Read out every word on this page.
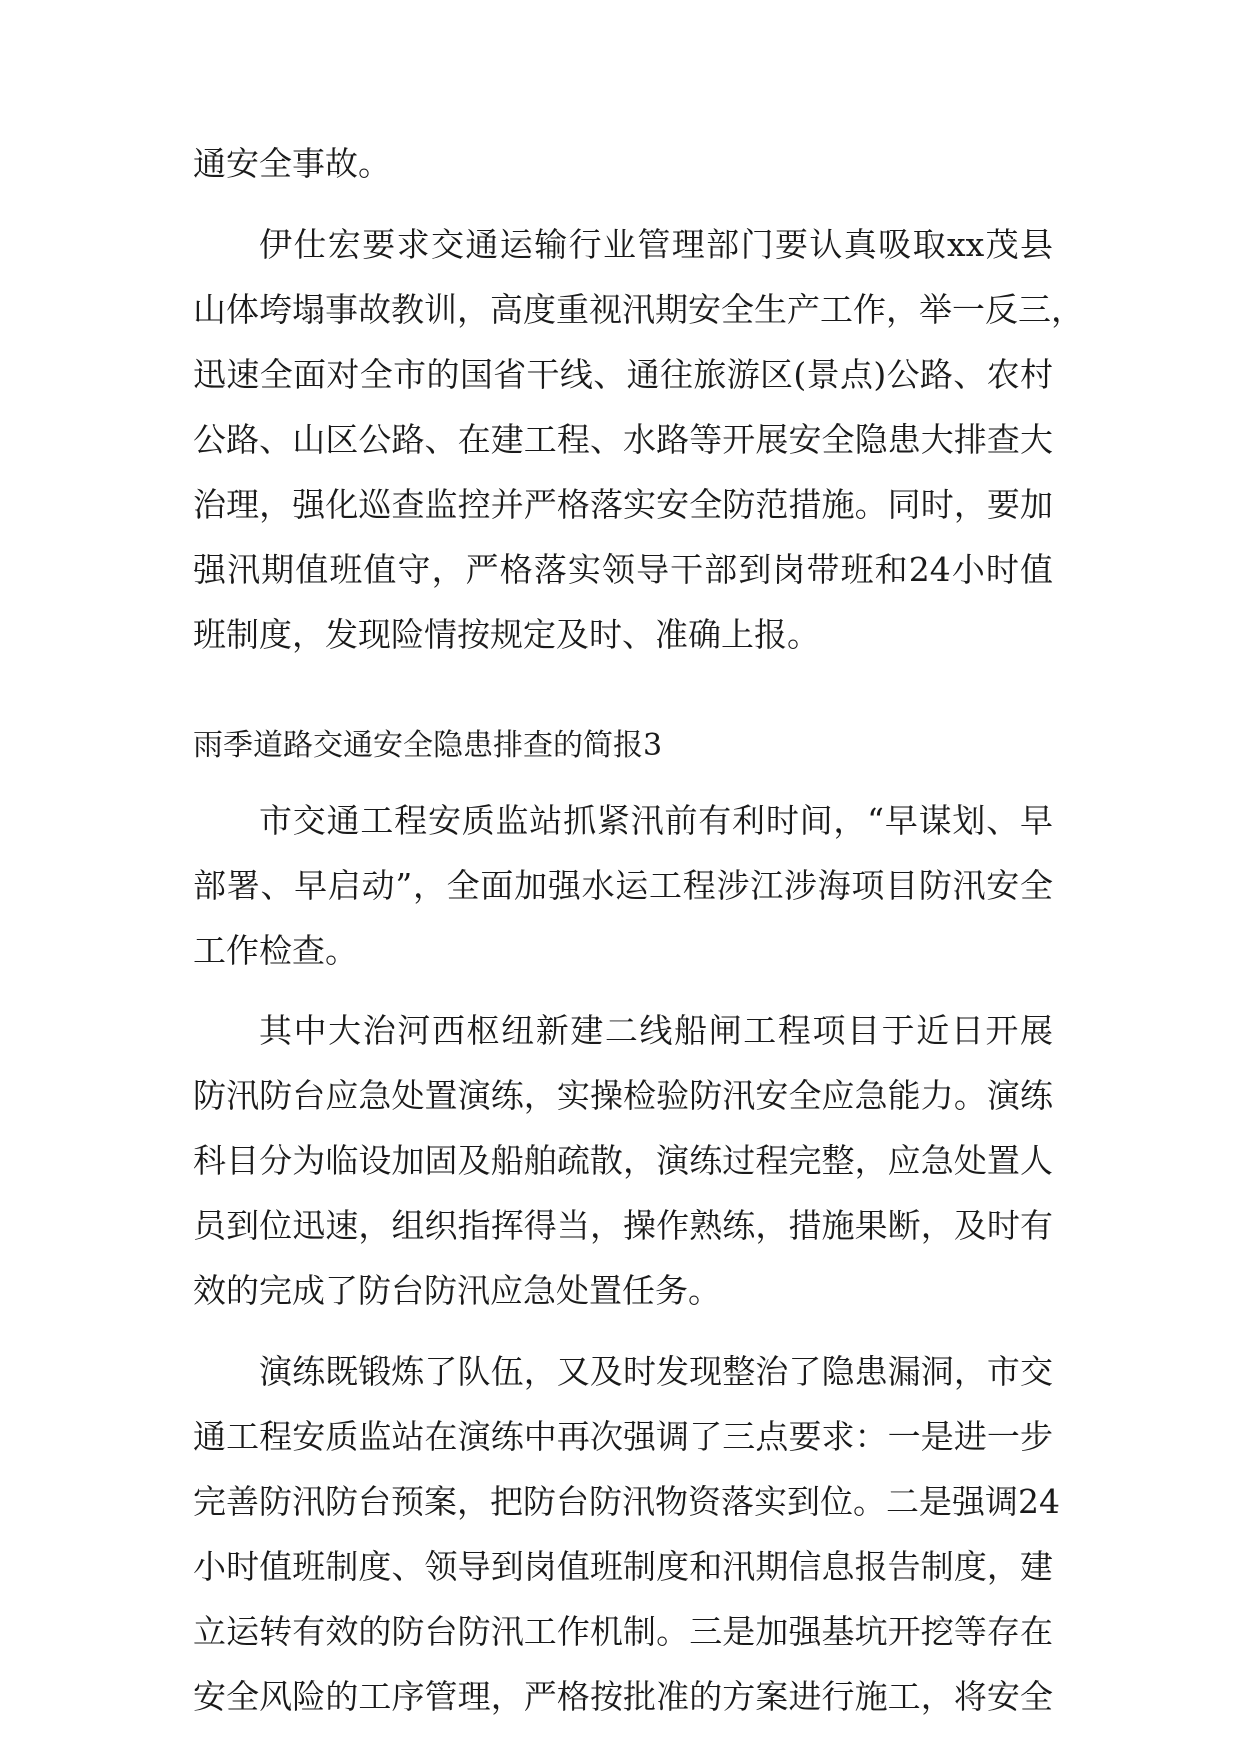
通安全事故。
伊仕宏要求交通运输行业管理部门要认真吸取xx茂县
山体垮塌事故教训，高度重视汛期安全生产工作，举一反三，
迅速全面对全市的国省干线、通往旅游区(景点)公路、农村
公路、山区公路、在建工程、水路等开展安全隐患大排查大
治理，强化巡查监控并严格落实安全防范措施。同时，要加
强汛期值班值守，严格落实领导干部到岗带班和24小时值
班制度，发现险情按规定及时、准确上报。
雨季道路交通安全隐患排查的简报3
市交通工程安质监站抓紧汛前有利时间，“早谋划、早
部署、早启动”，全面加强水运工程涉江涉海项目防汛安全
工作检查。
其中大治河西枢纽新建二线船闸工程项目于近日开展
防汛防台应急处置演练，实操检验防汛安全应急能力。演练
科目分为临设加固及船舶疏散，演练过程完整，应急处置人
员到位迅速，组织指挥得当，操作熟练，措施果断，及时有
效的完成了防台防汛应急处置任务。
演练既锻炼了队伍，又及时发现整治了隐患漏洞，市交
通工程安质监站在演练中再次强调了三点要求：一是进一步
完善防汛防台预案，把防台防汛物资落实到位。二是强调24
小时值班制度、领导到岗值班制度和汛期信息报告制度，建
立运转有效的防台防汛工作机制。三是加强基坑开挖等存在
安全风险的工序管理，严格按批准的方案进行施工，将安全
